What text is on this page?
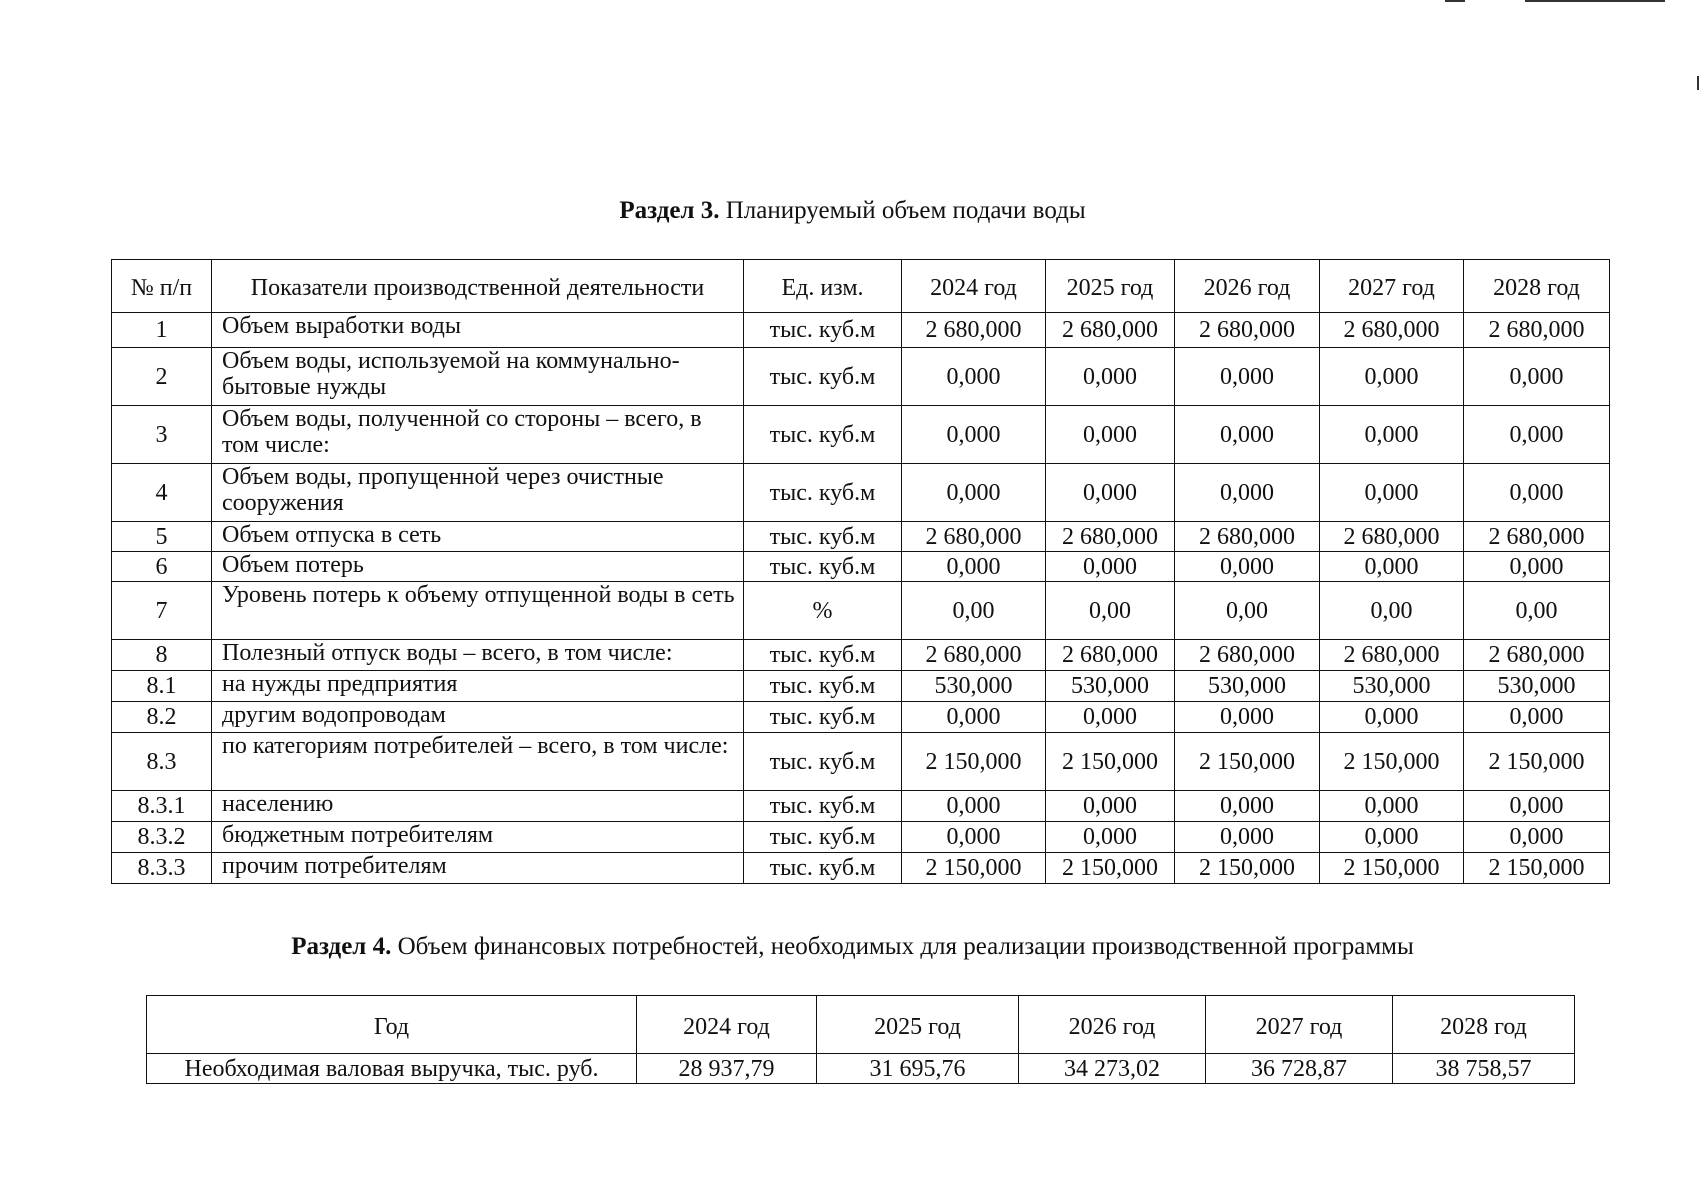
Раздел 3. Планируемый объем подачи воды
№ п/п	Показатели производственной деятельности	Ед. изм.	2024 год	2025 год	2026 год	2027 год	2028 год
1	Объем выработки воды	тыс. куб.м	2 680,000	2 680,000	2 680,000	2 680,000	2 680,000
2	Объем воды, используемой на коммунально-бытовые нужды	тыс. куб.м	0,000	0,000	0,000	0,000	0,000
3	Объем воды, полученной со стороны – всего, в том числе:	тыс. куб.м	0,000	0,000	0,000	0,000	0,000
4	Объем воды, пропущенной через очистные сооружения	тыс. куб.м	0,000	0,000	0,000	0,000	0,000
5	Объем отпуска в сеть	тыс. куб.м	2 680,000	2 680,000	2 680,000	2 680,000	2 680,000
6	Объем потерь	тыс. куб.м	0,000	0,000	0,000	0,000	0,000
7	Уровень потерь к объему отпущенной воды в сеть	%	0,00	0,00	0,00	0,00	0,00
8	Полезный отпуск воды – всего, в том числе:	тыс. куб.м	2 680,000	2 680,000	2 680,000	2 680,000	2 680,000
8.1	на нужды предприятия	тыс. куб.м	530,000	530,000	530,000	530,000	530,000
8.2	другим водопроводам	тыс. куб.м	0,000	0,000	0,000	0,000	0,000
8.3	по категориям потребителей – всего, в том числе:	тыс. куб.м	2 150,000	2 150,000	2 150,000	2 150,000	2 150,000
8.3.1	населению	тыс. куб.м	0,000	0,000	0,000	0,000	0,000
8.3.2	бюджетным потребителям	тыс. куб.м	0,000	0,000	0,000	0,000	0,000
8.3.3	прочим потребителям	тыс. куб.м	2 150,000	2 150,000	2 150,000	2 150,000	2 150,000
Раздел 4. Объем финансовых потребностей, необходимых для реализации производственной программы
Год	2024 год	2025 год	2026 год	2027 год	2028 год
Необходимая валовая выручка, тыс. руб.	28 937,79	31 695,76	34 273,02	36 728,87	38 758,57
